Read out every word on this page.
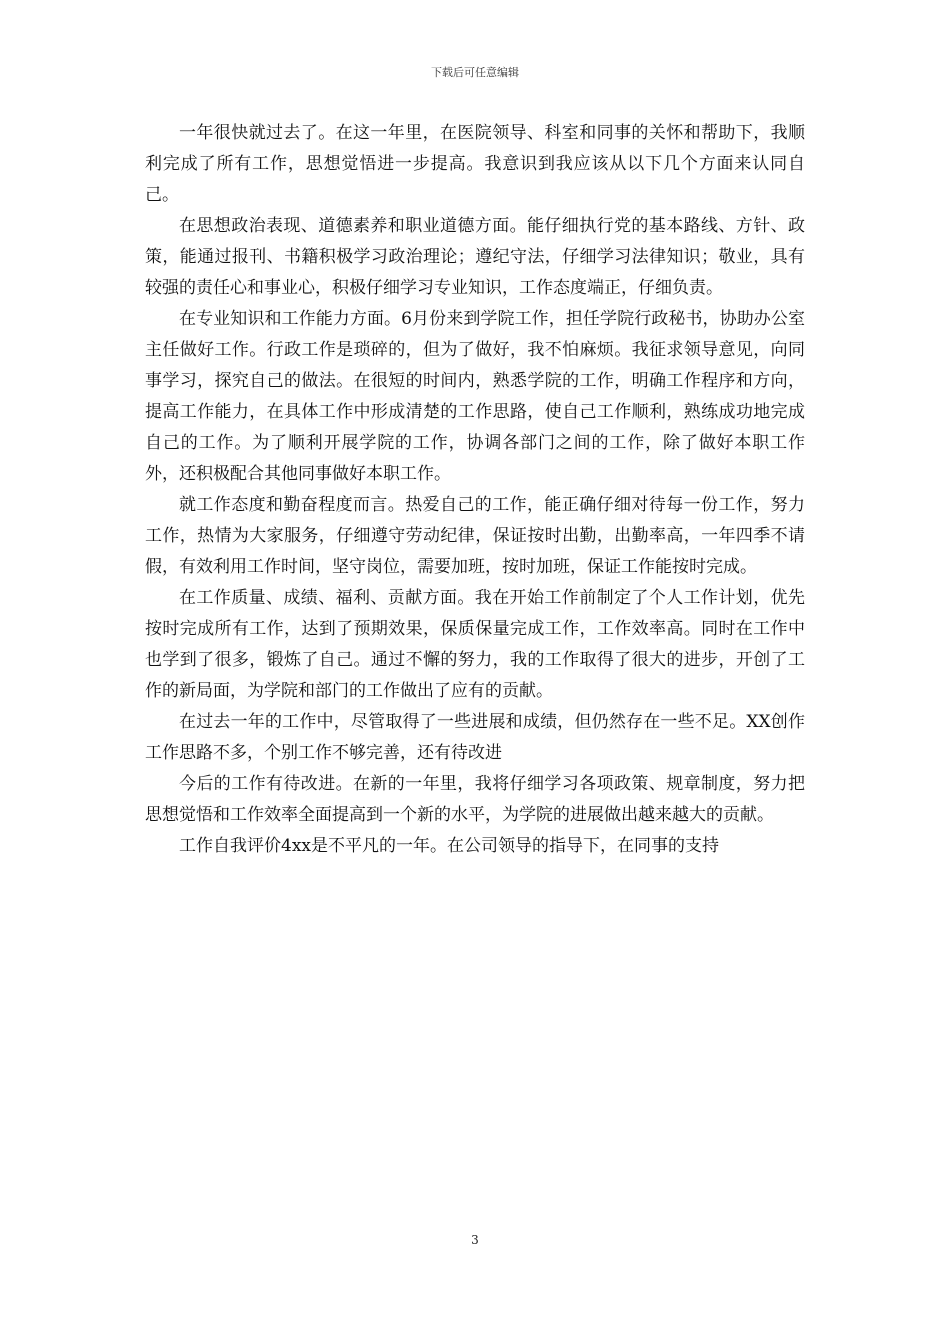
下载后可任意编辑

一年很快就过去了。在这一年里，在医院领导、科室和同事的关怀和帮助下，我顺利完成了所有工作，思想觉悟进一步提高。我意识到我应该从以下几个方面来认同自己。

在思想政治表现、道德素养和职业道德方面。能仔细执行党的基本路线、方针、政策，能通过报刊、书籍积极学习政治理论；遵纪守法，仔细学习法律知识；敬业，具有较强的责任心和事业心，积极仔细学习专业知识，工作态度端正，仔细负责。

在专业知识和工作能力方面。6月份来到学院工作，担任学院行政秘书，协助办公室主任做好工作。行政工作是琐碎的，但为了做好，我不怕麻烦。我征求领导意见，向同事学习，探究自己的做法。在很短的时间内，熟悉学院的工作，明确工作程序和方向，提高工作能力，在具体工作中形成清楚的工作思路，使自己工作顺利，熟练成功地完成自己的工作。为了顺利开展学院的工作，协调各部门之间的工作，除了做好本职工作外，还积极配合其他同事做好本职工作。

就工作态度和勤奋程度而言。热爱自己的工作，能正确仔细对待每一份工作，努力工作，热情为大家服务，仔细遵守劳动纪律，保证按时出勤，出勤率高，一年四季不请假，有效利用工作时间，坚守岗位，需要加班，按时加班，保证工作能按时完成。

在工作质量、成绩、福利、贡献方面。我在开始工作前制定了个人工作计划，优先按时完成所有工作，达到了预期效果，保质保量完成工作，工作效率高。同时在工作中也学到了很多，锻炼了自己。通过不懈的努力，我的工作取得了很大的进步，开创了工作的新局面，为学院和部门的工作做出了应有的贡献。

在过去一年的工作中，尽管取得了一些进展和成绩，但仍然存在一些不足。XX创作工作思路不多，个别工作不够完善，还有待改进

今后的工作有待改进。在新的一年里，我将仔细学习各项政策、规章制度，努力把思想觉悟和工作效率全面提高到一个新的水平，为学院的进展做出越来越大的贡献。

工作自我评价4xx是不平凡的一年。在公司领导的指导下，在同事的支持

3
